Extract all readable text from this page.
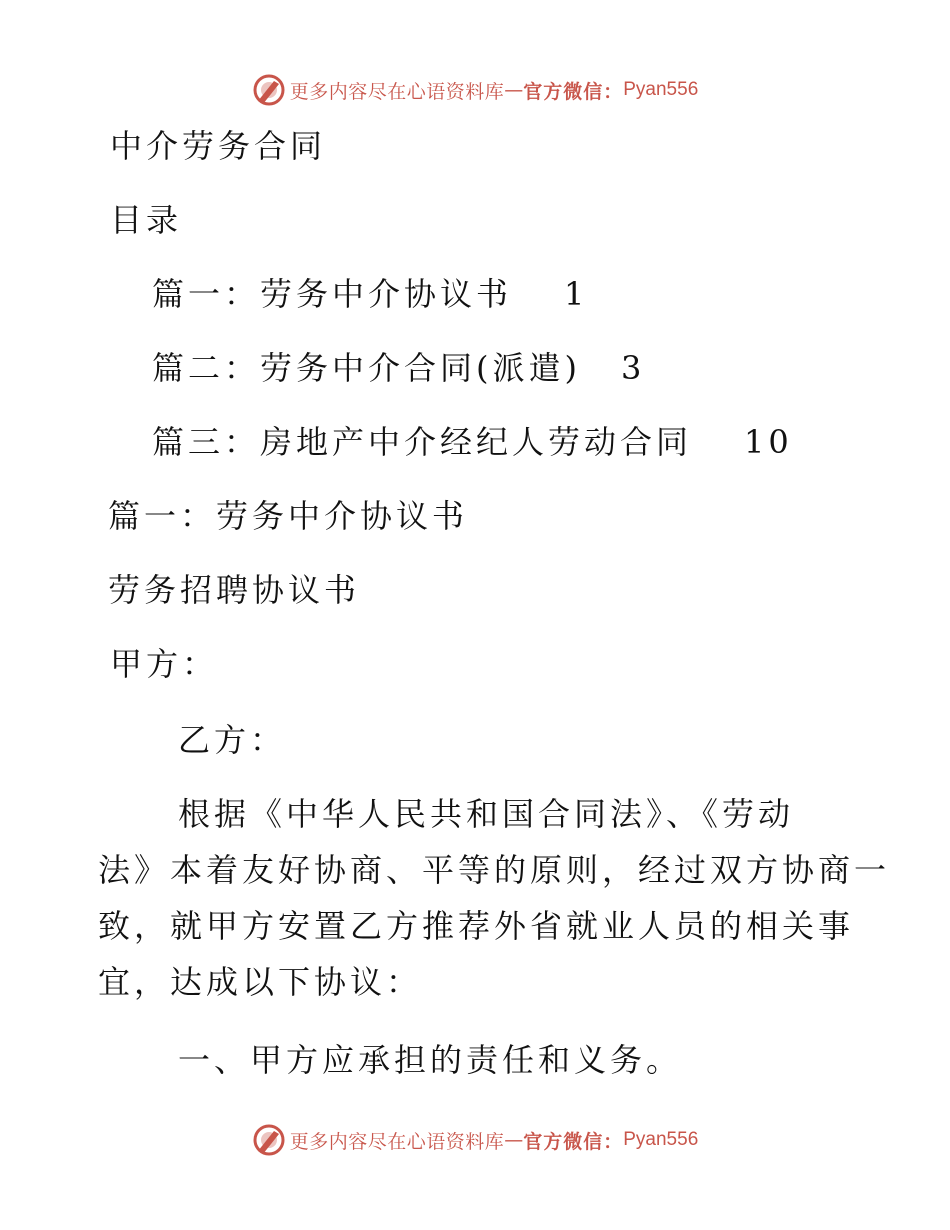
更多内容尽在心语资料库 — 官方微信： Pyan556
中介劳务合同
目录
篇一：劳务中介协议书 1
篇二：劳务中介合同(派遣) 3
篇三：房地产中介经纪人劳动合同 10
篇一：劳务中介协议书
劳务招聘协议书
甲方：
乙方：
根据《中华人民共和国合同法》、《劳动
法》本着友好协商、平等的原则，经过双方协商一
致，就甲方安置乙方推荐外省就业人员的相关事
宜，达成以下协议：
一、甲方应承担的责任和义务。
更多内容尽在心语资料库 — 官方微信： Pyan556
